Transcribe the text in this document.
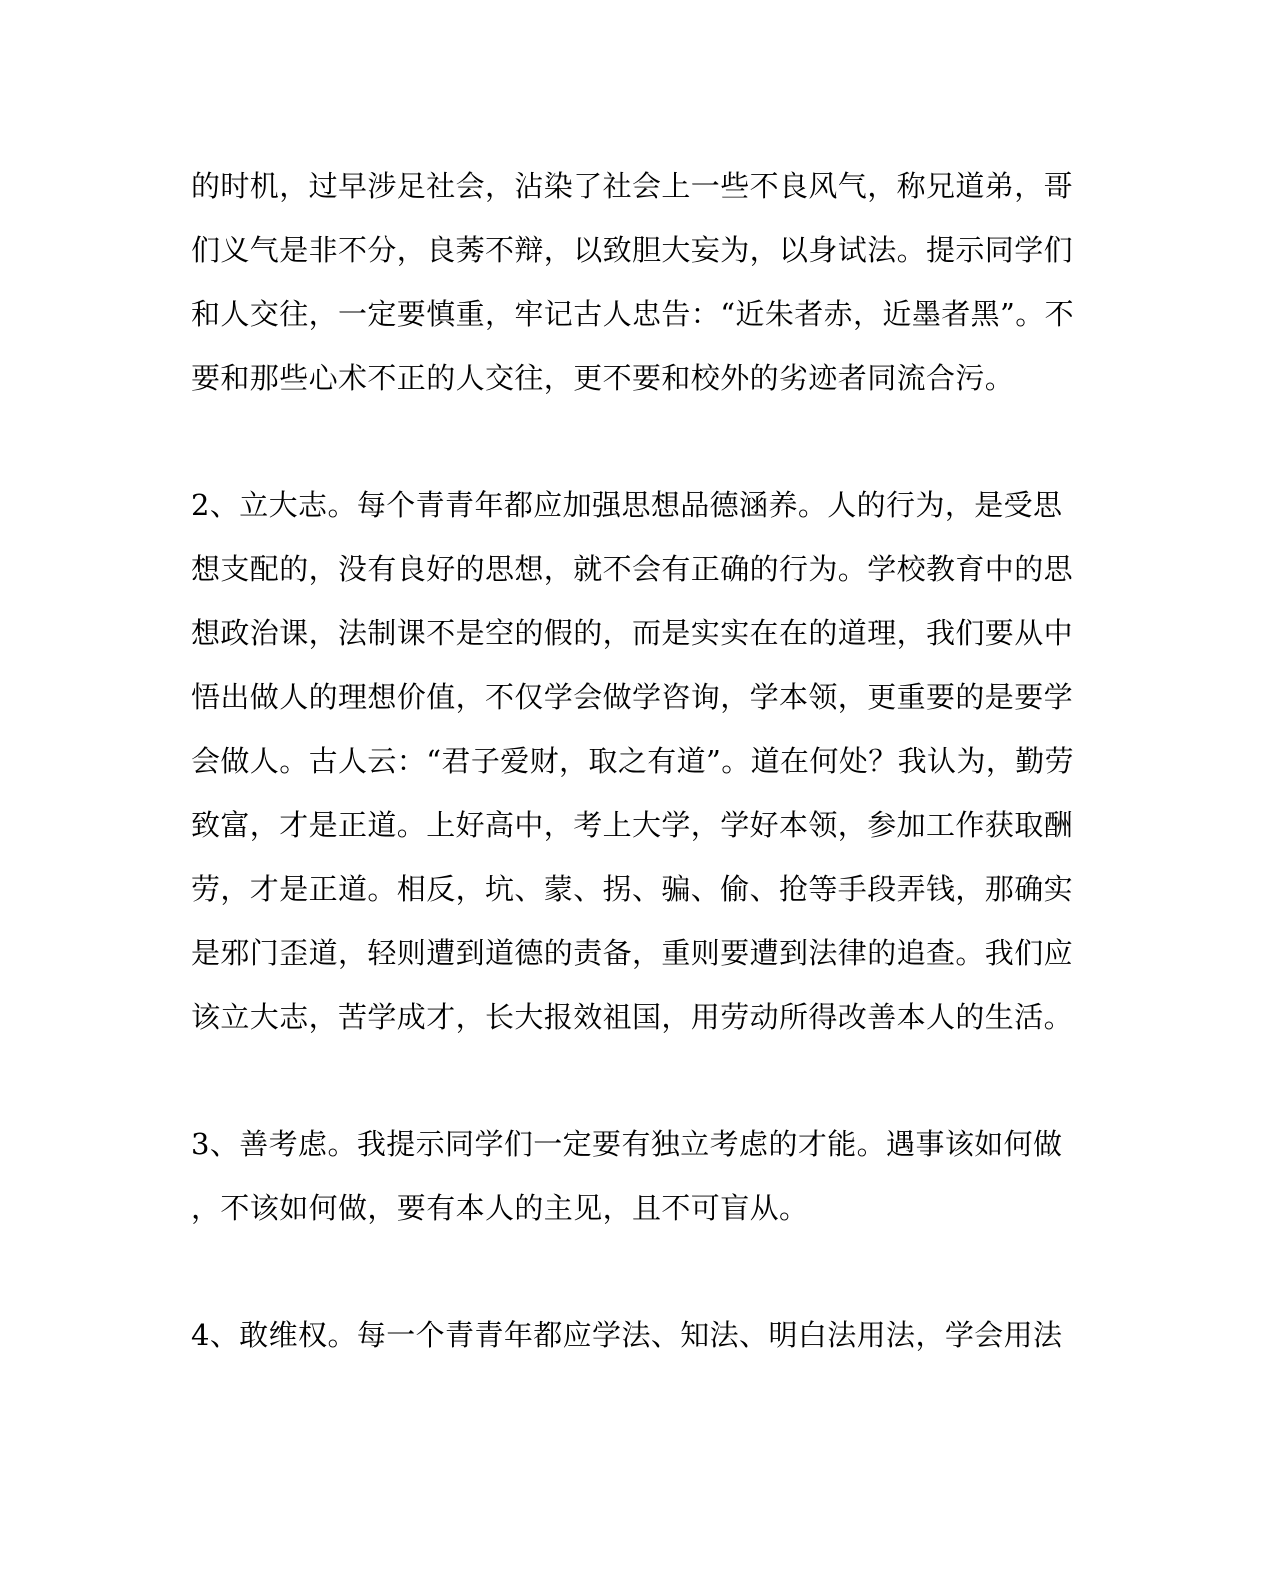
的时机，过早涉足社会，沾染了社会上一些不良风气，称兄道弟，哥
们义气是非不分，良莠不辩，以致胆大妄为，以身试法。提示同学们
和人交往，一定要慎重，牢记古人忠告：“近朱者赤，近墨者黑”。不
要和那些心术不正的人交往，更不要和校外的劣迹者同流合污。
2、立大志。每个青青年都应加强思想品德涵养。人的行为，是受思
想支配的，没有良好的思想，就不会有正确的行为。学校教育中的思
想政治课，法制课不是空的假的，而是实实在在的道理，我们要从中
悟出做人的理想价值，不仅学会做学咨询，学本领，更重要的是要学
会做人。古人云：“君子爱财，取之有道”。道在何处？我认为，勤劳
致富，才是正道。上好高中，考上大学，学好本领，参加工作获取酬
劳，才是正道。相反，坑、蒙、拐、骗、偷、抢等手段弄钱，那确实
是邪门歪道，轻则遭到道德的责备，重则要遭到法律的追查。我们应
该立大志，苦学成才，长大报效祖国，用劳动所得改善本人的生活。
3、善考虑。我提示同学们一定要有独立考虑的才能。遇事该如何做
，不该如何做，要有本人的主见，且不可盲从。
4、敢维权。每一个青青年都应学法、知法、明白法用法，学会用法
